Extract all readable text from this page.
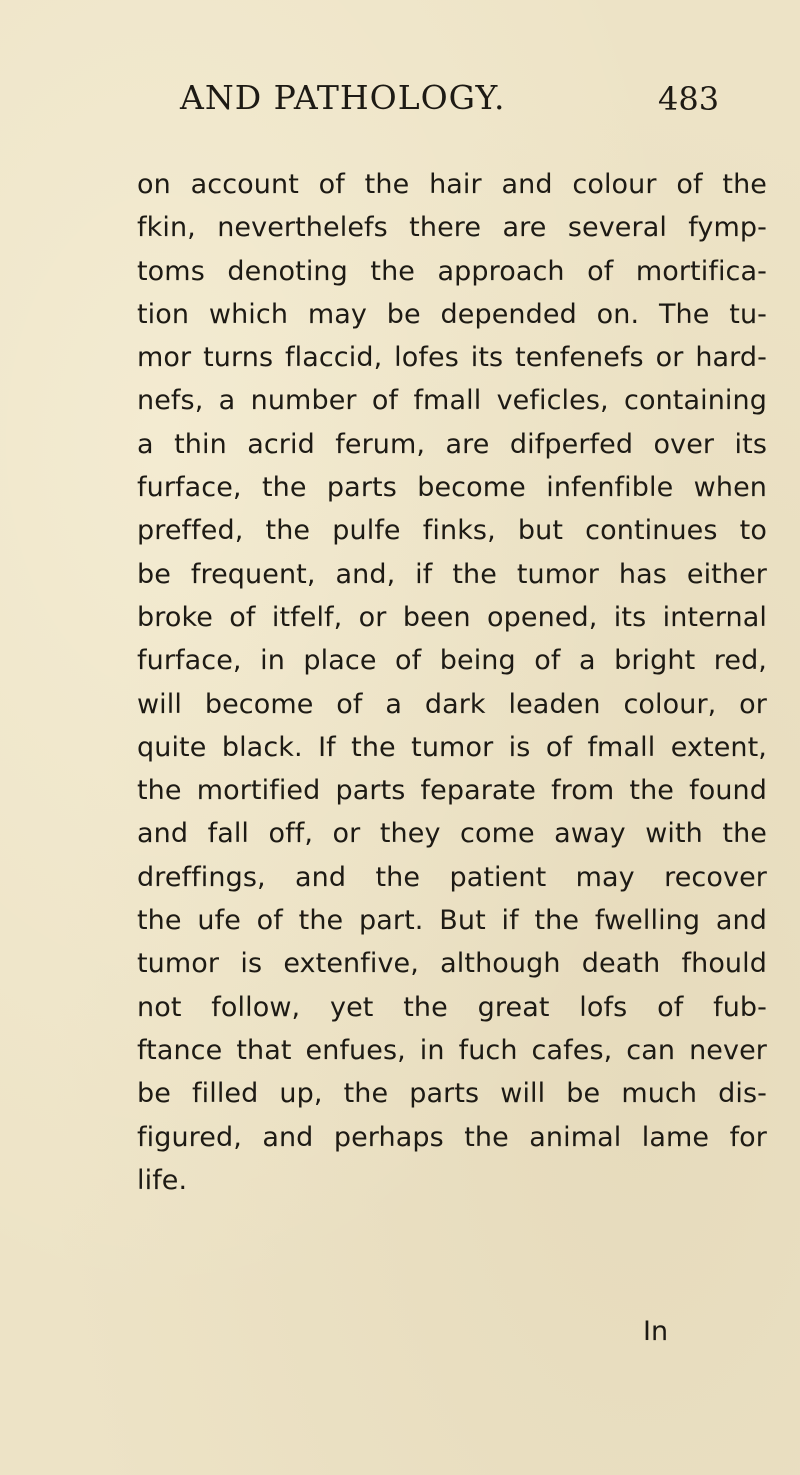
AND PATHOLOGY.	483
on account of the hair and colour of the
fkin, neverthelefs there are several fymp-
toms denoting the approach of mortifica-
tion which may be depended on. The tu-
mor turns flaccid, lofes its tenfenefs or hard-
nefs, a number of fmall veficles, containing
a thin acrid ferum, are difperfed over its
furface, the parts become infenfible when
preffed, the pulfe finks, but continues to
be frequent, and, if the tumor has either
broke of itfelf, or been opened, its internal
furface, in place of being of a bright red,
will become of a dark leaden colour, or
quite black. If the tumor is of fmall extent,
the mortified parts feparate from the found
and fall off, or they come away with the
dreffings, and the patient may recover
the ufe of the part. But if the fwelling and
tumor is extenfive, although death fhould
not follow, yet the great lofs of fub-
ftance that enfues, in fuch cafes, can never
be filled up, the parts will be much dis-
figured, and perhaps the animal lame for
life.
In
